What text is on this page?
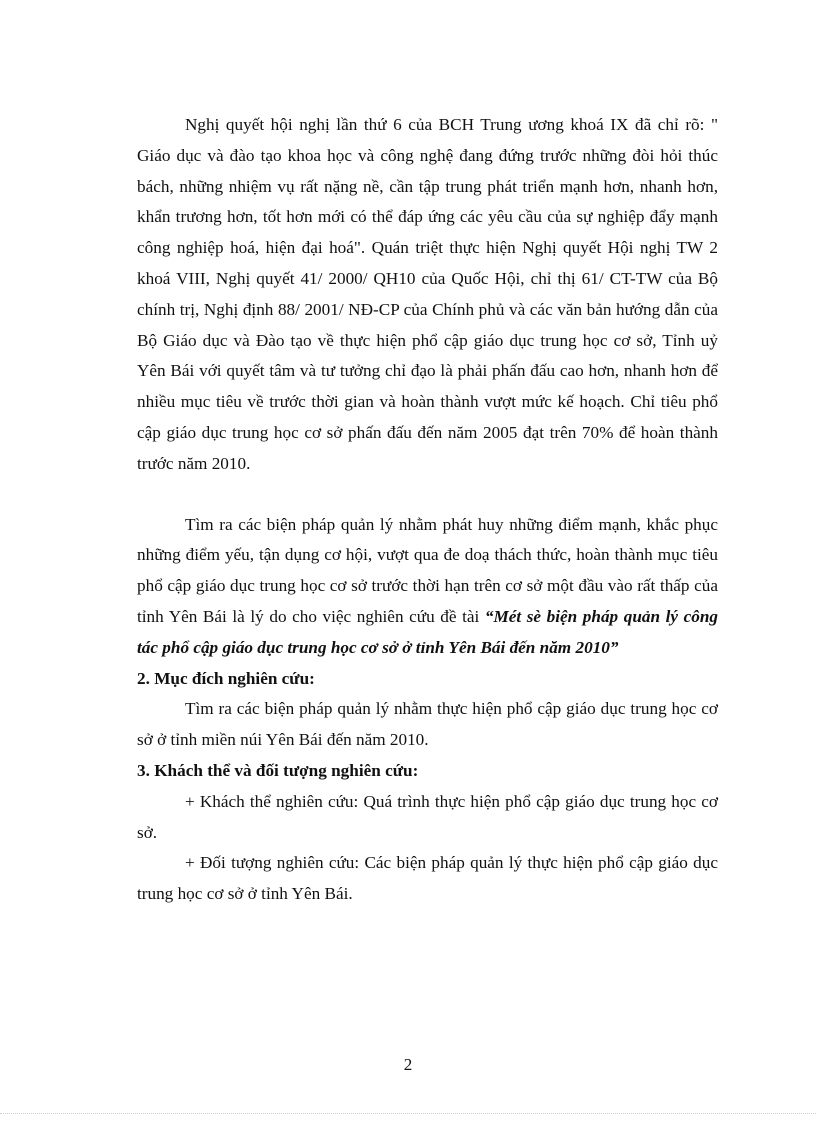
Nghị quyết hội nghị lần thứ 6 của BCH Trung ương khoá IX đã chỉ rõ: " Giáo dục và đào tạo khoa học và công nghệ đang đứng trước những đòi hỏi thúc bách, những nhiệm vụ rất nặng nề, cần tập trung phát triển mạnh hơn, nhanh hơn, khẩn trương hơn, tốt hơn mới có thể đáp ứng các yêu cầu của sự nghiệp đẩy mạnh công nghiệp hoá, hiện đại hoá". Quán triệt thực hiện Nghị quyết Hội nghị TW 2 khoá VIII, Nghị quyết 41/ 2000/ QH10 của Quốc Hội, chỉ thị 61/ CT-TW của Bộ chính trị, Nghị định 88/ 2001/ NĐ-CP của Chính phủ và các văn bản hướng dẫn của Bộ Giáo dục và Đào tạo về thực hiện phổ cập giáo dục trung học cơ sở, Tỉnh uỷ Yên Bái với quyết tâm và tư tưởng chỉ đạo là phải phấn đấu cao hơn, nhanh hơn để nhiều mục tiêu về trước thời gian và hoàn thành vượt mức kế hoạch. Chỉ tiêu phổ cập giáo dục trung học cơ sở phấn đấu đến năm 2005 đạt trên 70% để hoàn thành trước năm 2010.

Tìm ra các biện pháp quản lý nhằm phát huy những điểm mạnh, khắc phục những điểm yếu, tận dụng cơ hội, vượt qua đe doạ thách thức, hoàn thành mục tiêu phổ cập giáo dục trung học cơ sở trước thời hạn trên cơ sở một đầu vào rất thấp của tỉnh Yên Bái là lý do cho việc nghiên cứu đề tài “Mét sè biện pháp quản lý công tác phổ cập giáo dục trung học cơ sở ở tỉnh Yên Bái đến năm 2010”

2. Mục đích nghiên cứu:

Tìm ra các biện pháp quản lý nhằm thực hiện phổ cập giáo dục trung học cơ sở ở tỉnh miền núi Yên Bái đến năm 2010.

3. Khách thể và đối tượng nghiên cứu:

+ Khách thể nghiên cứu: Quá trình thực hiện phổ cập giáo dục trung học cơ sở.

+ Đối tượng nghiên cứu: Các biện pháp quản lý thực hiện phổ cập giáo dục trung học cơ sở ở tỉnh Yên Bái.

2
